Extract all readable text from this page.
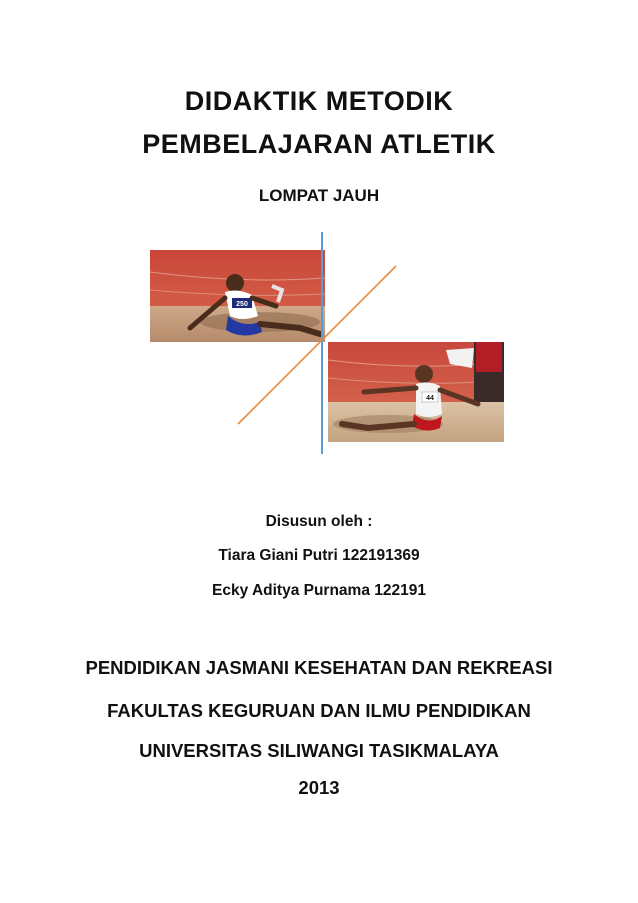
DIDAKTIK METODIK
PEMBELAJARAN ATLETIK
LOMPAT JAUH
250
44
Disusun oleh :
Tiara Giani Putri 122191369
Ecky Aditya Purnama 122191
PENDIDIKAN JASMANI KESEHATAN DAN REKREASI
FAKULTAS KEGURUAN DAN ILMU PENDIDIKAN
UNIVERSITAS SILIWANGI TASIKMALAYA
2013
